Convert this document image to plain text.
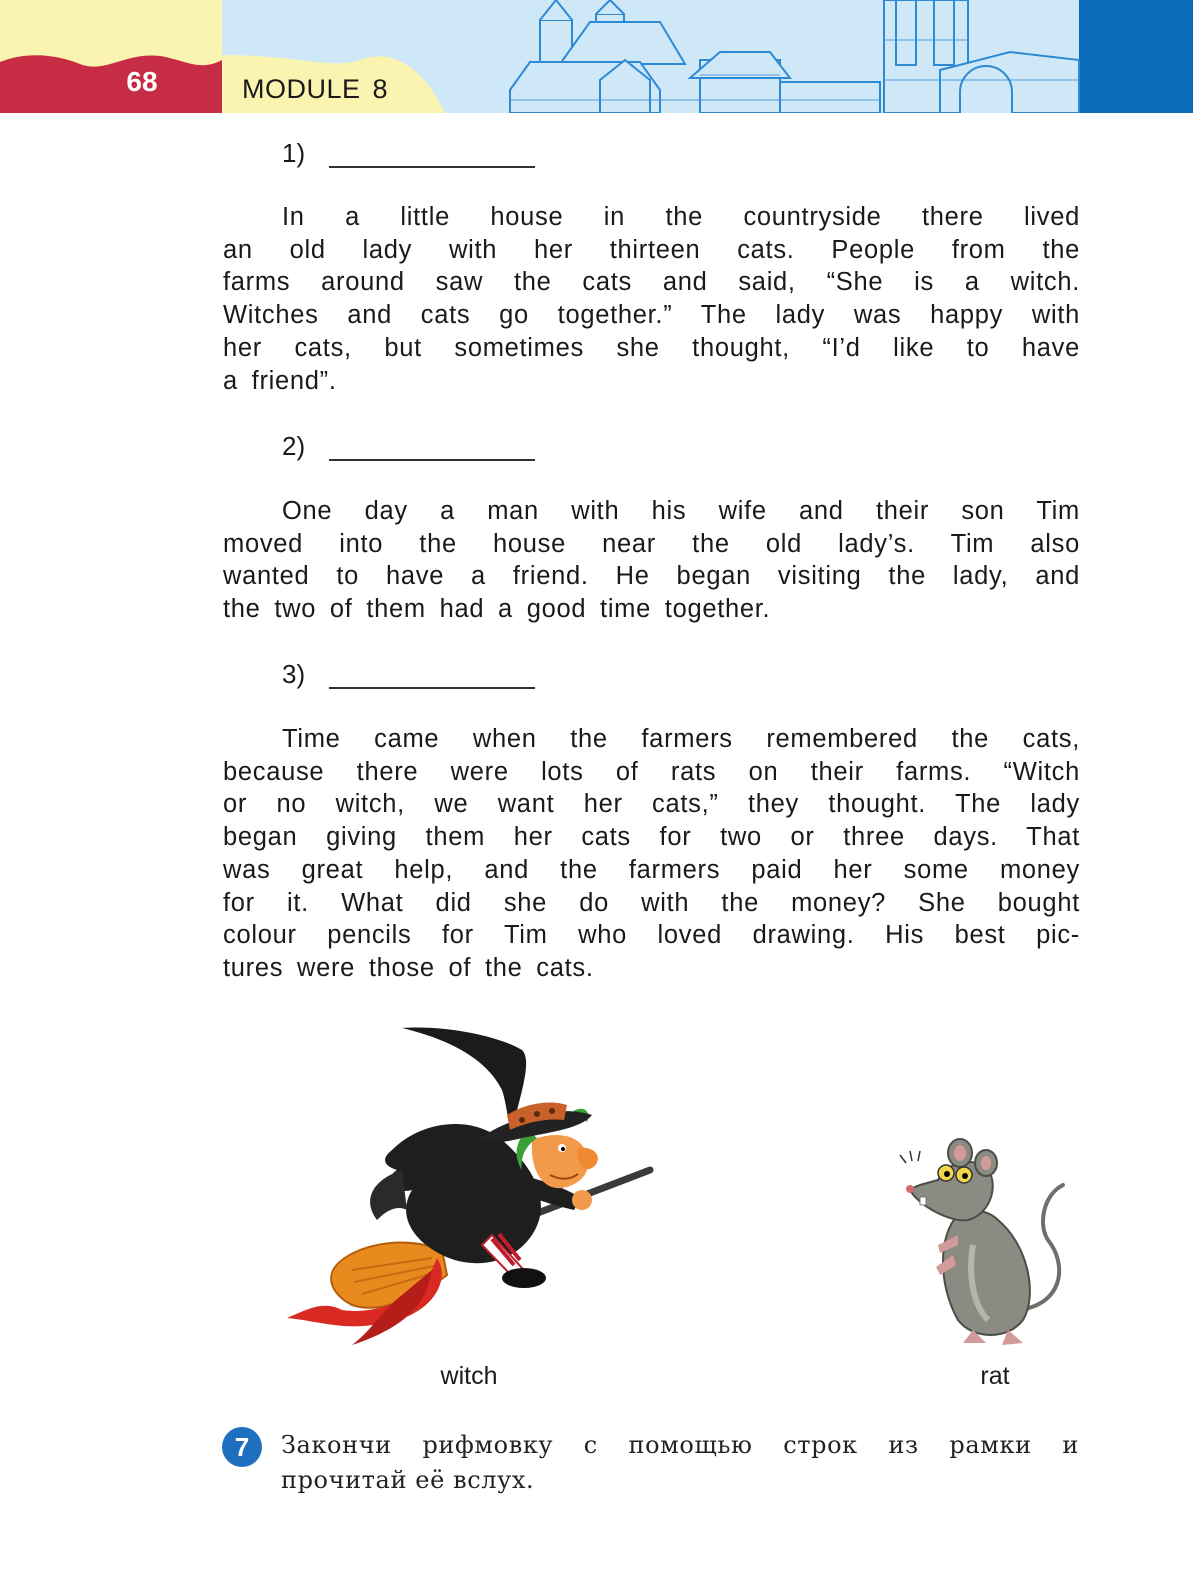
68	MODULE 8
1)
In a little house in the countryside there lived
an old lady with her thirteen cats. People from the
farms around saw the cats and said, “She is a witch.
Witches and cats go together.” The lady was happy with
her cats, but sometimes she thought, “I’d like to have
a friend”.
2)
One day a man with his wife and their son Tim
moved into the house near the old lady’s. Tim also
wanted to have a friend. He began visiting the lady, and
the two of them had a good time together.
3)
Time came when the farmers remembered the cats,
because there were lots of rats on their farms. “Witch
or no witch, we want her cats,” they thought. The lady
began giving them her cats for two or three days. That
was great help, and the farmers paid her some money
for it. What did she do with the money? She bought
colour pencils for Tim who loved drawing. His best pic-
tures were those of the cats.
witch	rat
7	Закончи рифмовку с помощью строк из рамки и
прочитай её вслух.
